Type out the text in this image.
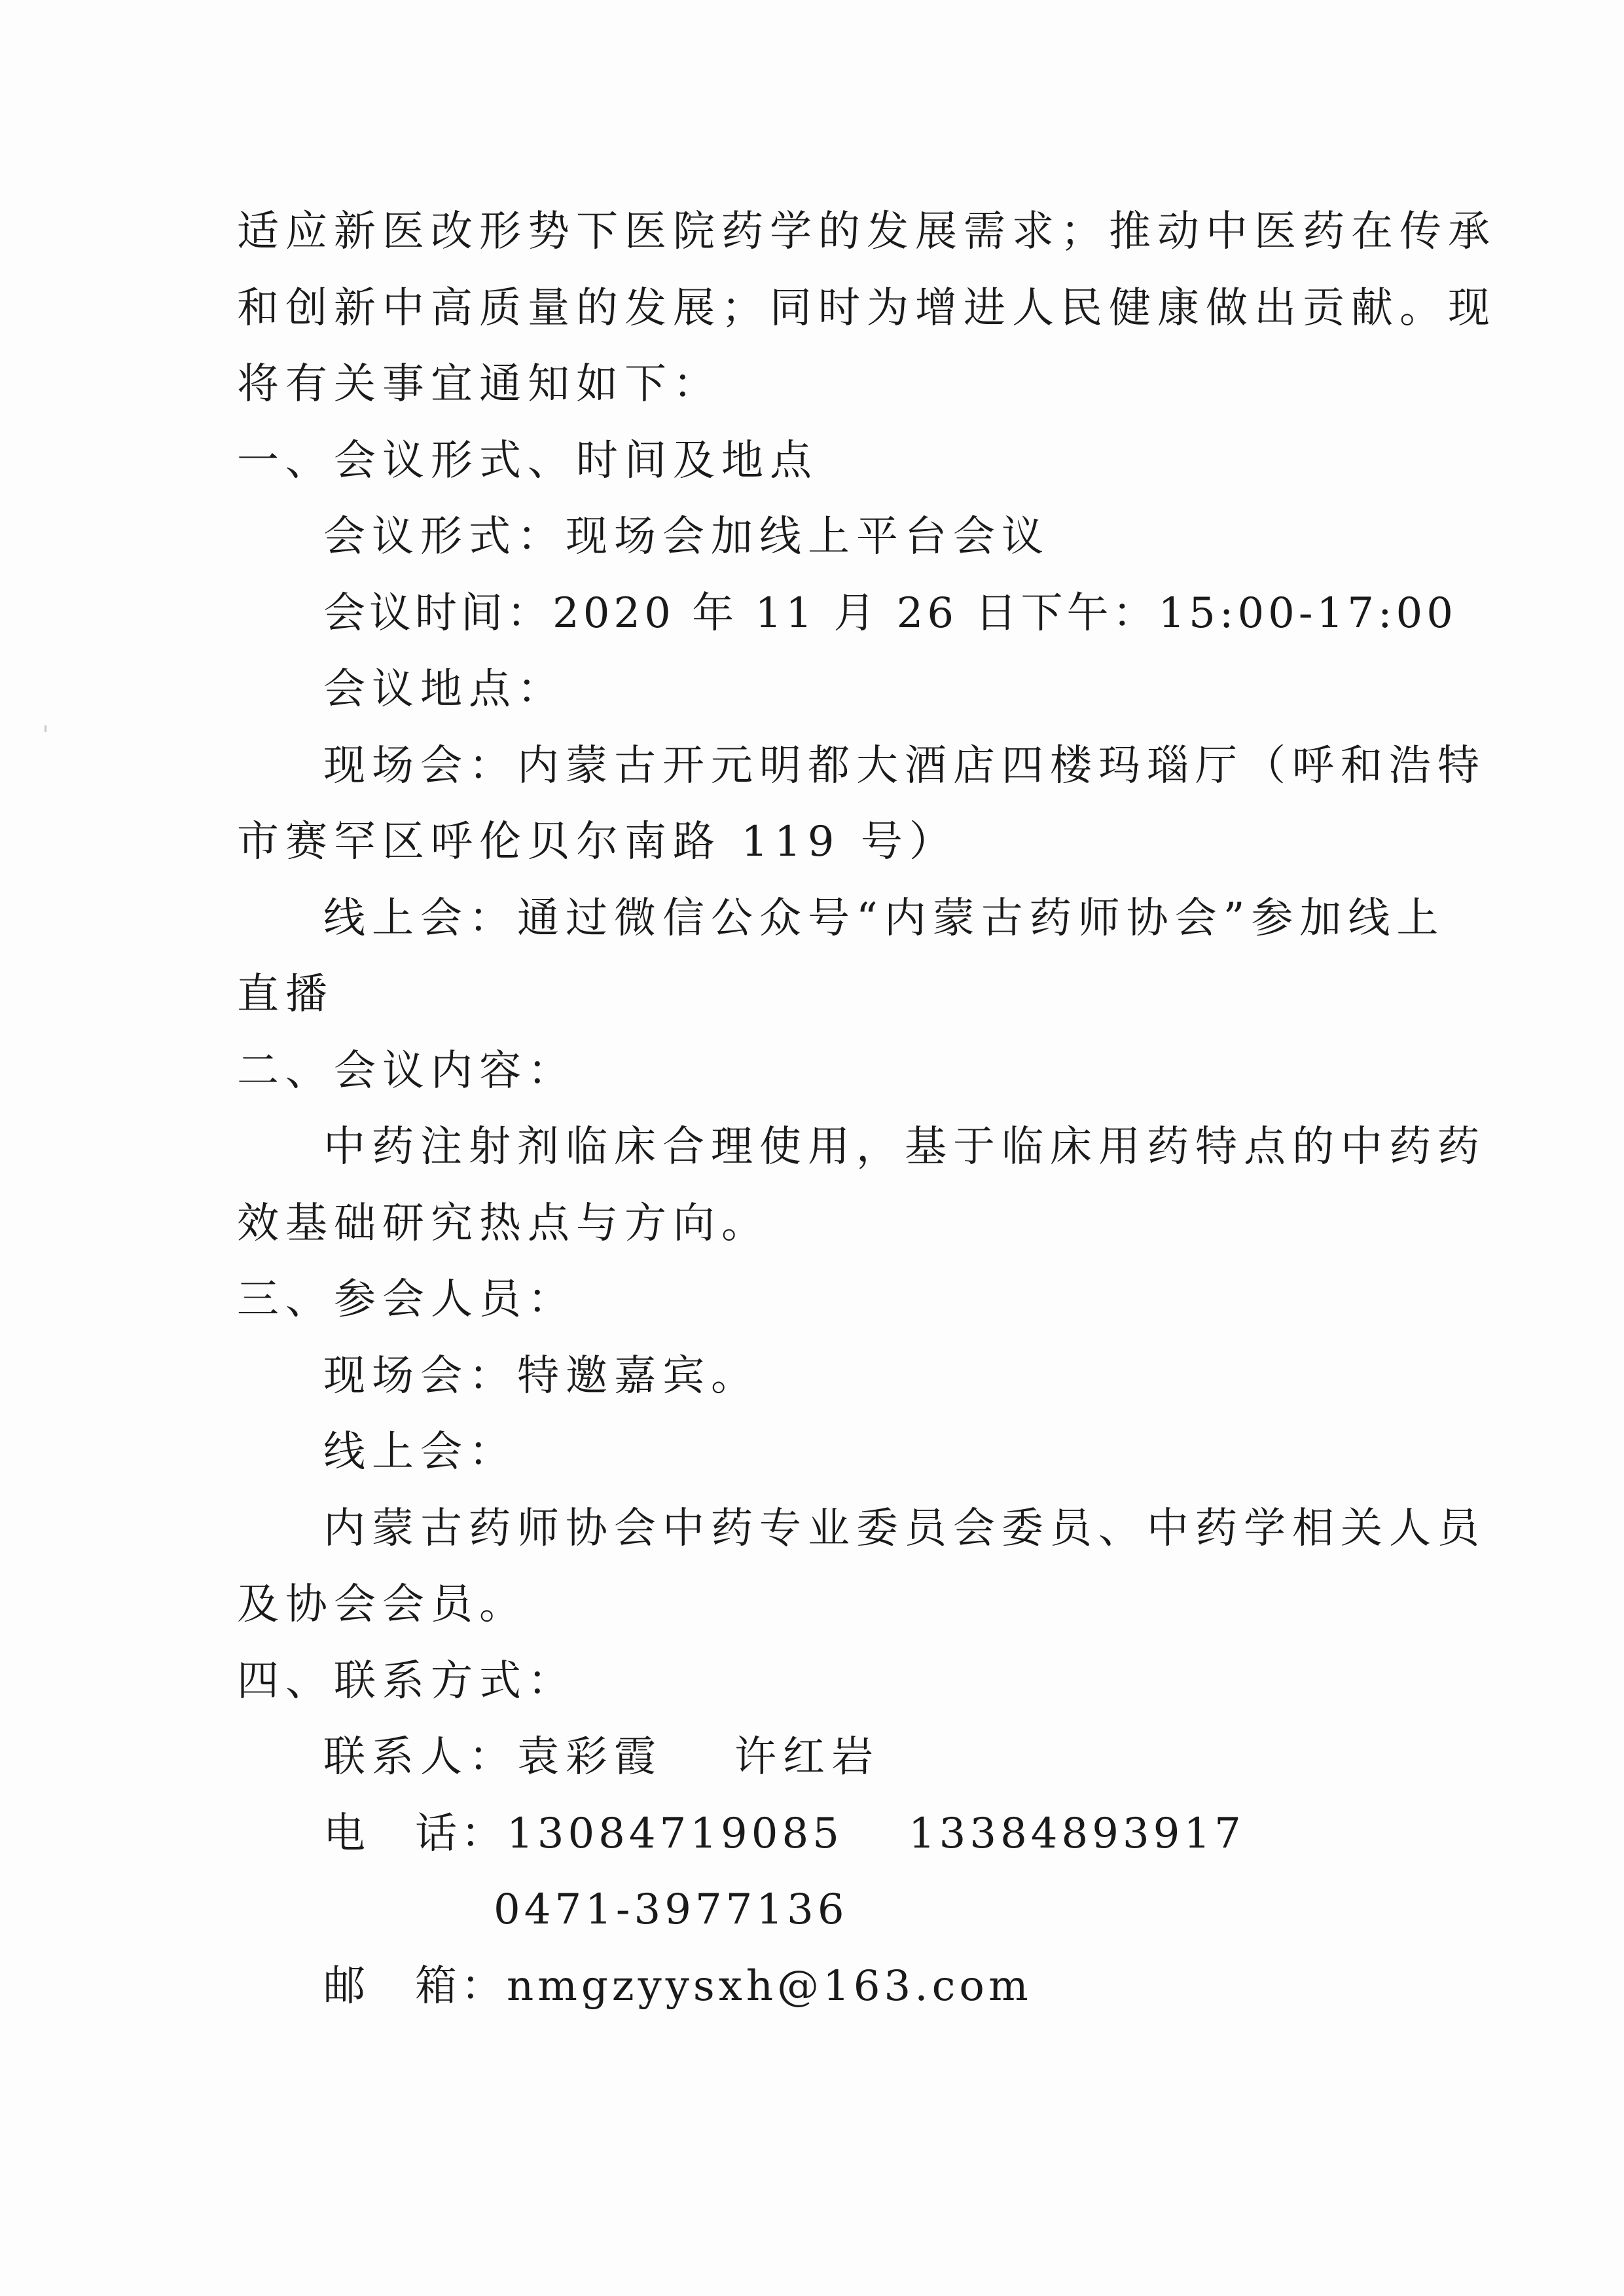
适应新医改形势下医院药学的发展需求；推动中医药在传承
和创新中高质量的发展；同时为增进人民健康做出贡献。现
将有关事宜通知如下：
一、会议形式、时间及地点
会议形式：现场会加线上平台会议
会议时间：2020 年 11 月 26 日下午：15:00-17:00
会议地点：
现场会：内蒙古开元明都大酒店四楼玛瑙厅（呼和浩特
市赛罕区呼伦贝尔南路 119 号）
线上会：通过微信公众号“内蒙古药师协会”参加线上
直播
二、会议内容：
中药注射剂临床合理使用，基于临床用药特点的中药药
效基础研究热点与方向。
三、参会人员：
现场会：特邀嘉宾。
线上会：
内蒙古药师协会中药专业委员会委员、中药学相关人员
及协会会员。
四、联系方式：
联系人：袁彩霞 许红岩
电　话：13084719085 13384893917
0471-3977136
邮　箱：nmgzyysxh@163.com
